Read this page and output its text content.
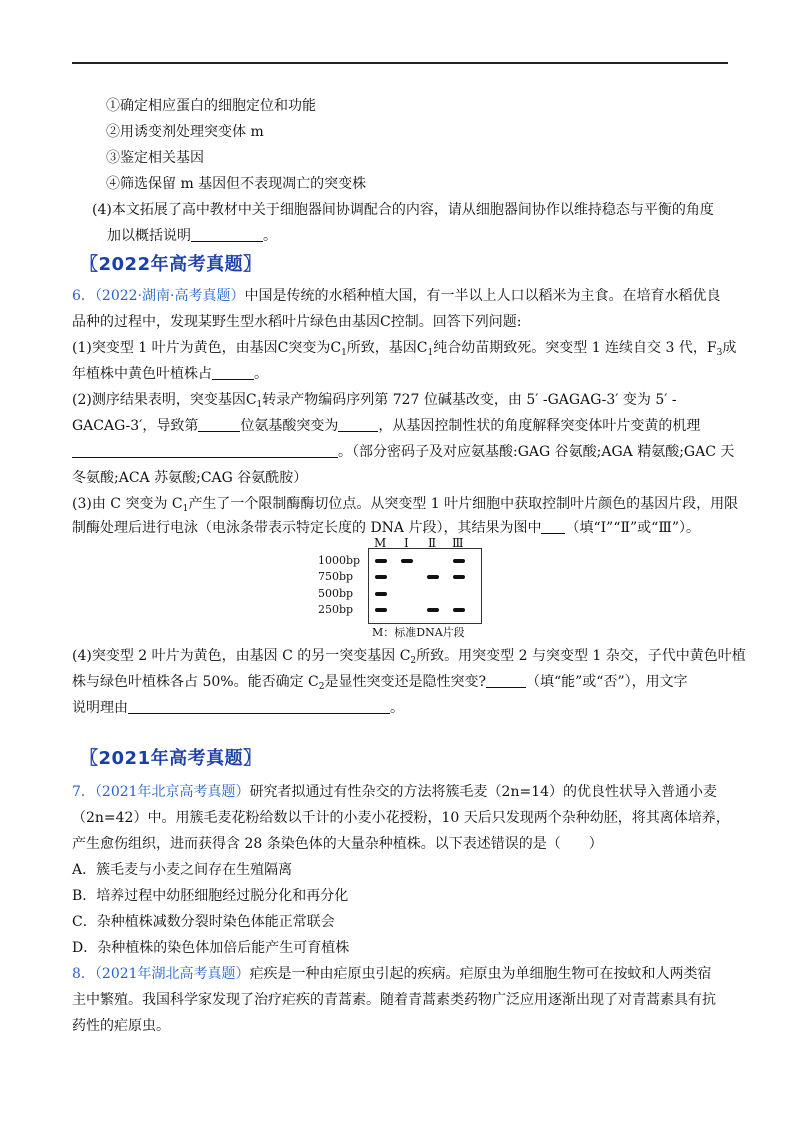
①确定相应蛋白的细胞定位和功能
②用诱变剂处理突变体 m
③鉴定相关基因
④筛选保留 m 基因但不表现凋亡的突变株
(4)本文拓展了高中教材中关于细胞器间协调配合的内容，请从细胞器间协作以维持稳态与平衡的角度
加以概括说明	。
〖2022年高考真题〗
6．（2022·湖南·高考真题）中国是传统的水稻种植大国，有一半以上人口以稻米为主食。在培育水稻优良
品种的过程中，发现某野生型水稻叶片绿色由基因C控制。回答下列问题:
(1)突变型 1 叶片为黄色，由基因C突变为$C_1$所致，基因$C_1$纯合幼苗期致死。突变型 1 连续自交 3 代，$F_3$成
年植株中黄色叶植株占	。
(2)测序结果表明，突变基因$C_1$转录产物编码序列第 727 位碱基改变，由 5′ -GAGAG-3′ 变为 5′ -
GACAG-3′，导致第	位氨基酸突变为	，从基因控制性状的角度解释突变体叶片变黄的机理
。（部分密码子及对应氨基酸:GAG 谷氨酸;AGA 精氨酸;GAC 天
冬氨酸;ACA 苏氨酸;CAG 谷氨酰胺）
(3)由 C 突变为 $C_1$产生了一个限制酶酶切位点。从突变型 1 叶片细胞中获取控制叶片颜色的基因片段，用限
制酶处理后进行电泳（电泳条带表示特定长度的 DNA 片段），其结果为图中 （填“Ⅰ”“Ⅱ”或“Ⅲ”）。
M Ⅰ Ⅱ Ⅲ
1000bp
750bp
500bp
250bp
M：标准DNA片段
(4)突变型 2 叶片为黄色，由基因 C 的另一突变基因 $C_2$所致。用突变型 2 与突变型 1 杂交，子代中黄色叶植
株与绿色叶植株各占 50%。能否确定 $C_2$是显性突变还是隐性突变?	（填“能”或“否”），用文字
说明理由	。
〖2021年高考真题〗
7．（2021年北京高考真题）研究者拟通过有性杂交的方法将簇毛麦（2n=14）的优良性状导入普通小麦
（2n=42）中。用簇毛麦花粉给数以千计的小麦小花授粉，10 天后只发现两个杂种幼胚，将其离体培养，
产生愈伤组织，进而获得含 28 条染色体的大量杂种植株。以下表述错误的是（　　）
A．簇毛麦与小麦之间存在生殖隔离
B．培养过程中幼胚细胞经过脱分化和再分化
C．杂种植株减数分裂时染色体能正常联会
D．杂种植株的染色体加倍后能产生可育植株
8．（2021年湖北高考真题）疟疾是一种由疟原虫引起的疾病。疟原虫为单细胞生物可在按蚊和人两类宿
主中繁殖。我国科学家发现了治疗疟疾的青蒿素。随着青蒿素类药物广泛应用逐渐出现了对青蒿素具有抗
药性的疟原虫。
